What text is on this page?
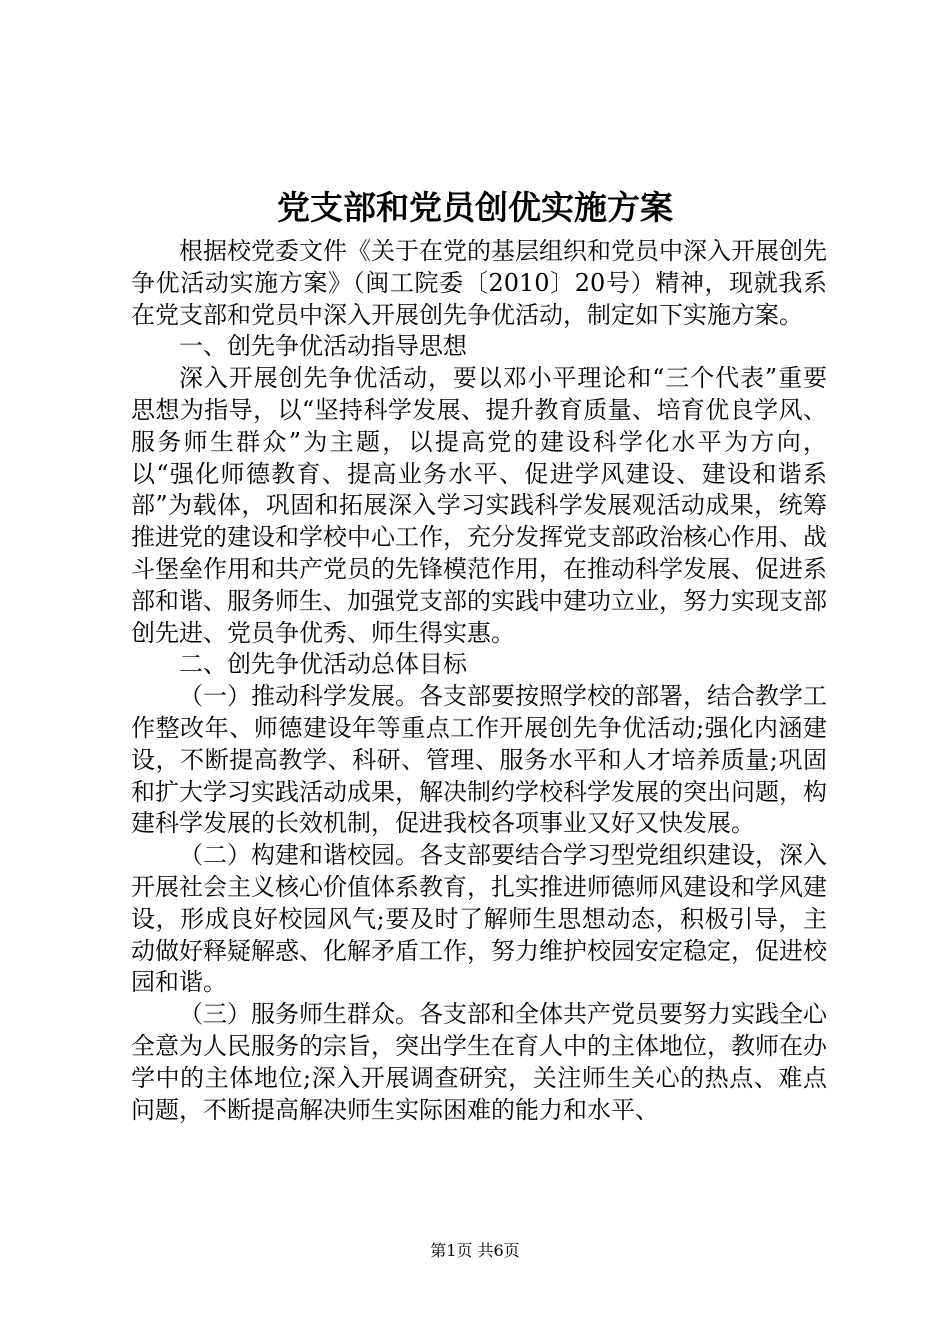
党支部和党员创优实施方案

根据校党委文件《关于在党的基层组织和党员中深入开展创先争优活动实施方案》（闽工院委〔2010〕20号）精神，现就我系在党支部和党员中深入开展创先争优活动，制定如下实施方案。

一、创先争优活动指导思想

深入开展创先争优活动，要以邓小平理论和“三个代表”重要思想为指导，以“坚持科学发展、提升教育质量、培育优良学风、服务师生群众”为主题，以提高党的建设科学化水平为方向，以“强化师德教育、提高业务水平、促进学风建设、建设和谐系部”为载体，巩固和拓展深入学习实践科学发展观活动成果，统筹推进党的建设和学校中心工作，充分发挥党支部政治核心作用、战斗堡垒作用和共产党员的先锋模范作用，在推动科学发展、促进系部和谐、服务师生、加强党支部的实践中建功立业，努力实现支部创先进、党员争优秀、师生得实惠。

二、创先争优活动总体目标

（一）推动科学发展。各支部要按照学校的部署，结合教学工作整改年、师德建设年等重点工作开展创先争优活动;强化内涵建设，不断提高教学、科研、管理、服务水平和人才培养质量;巩固和扩大学习实践活动成果，解决制约学校科学发展的突出问题，构建科学发展的长效机制，促进我校各项事业又好又快发展。

（二）构建和谐校园。各支部要结合学习型党组织建设，深入开展社会主义核心价值体系教育，扎实推进师德师风建设和学风建设，形成良好校园风气;要及时了解师生思想动态，积极引导，主动做好释疑解惑、化解矛盾工作，努力维护校园安定稳定，促进校园和谐。

（三）服务师生群众。各支部和全体共产党员要努力实践全心全意为人民服务的宗旨，突出学生在育人中的主体地位，教师在办学中的主体地位;深入开展调查研究，关注师生关心的热点、难点问题，不断提高解决师生实际困难的能力和水平、

第1页 共6页
